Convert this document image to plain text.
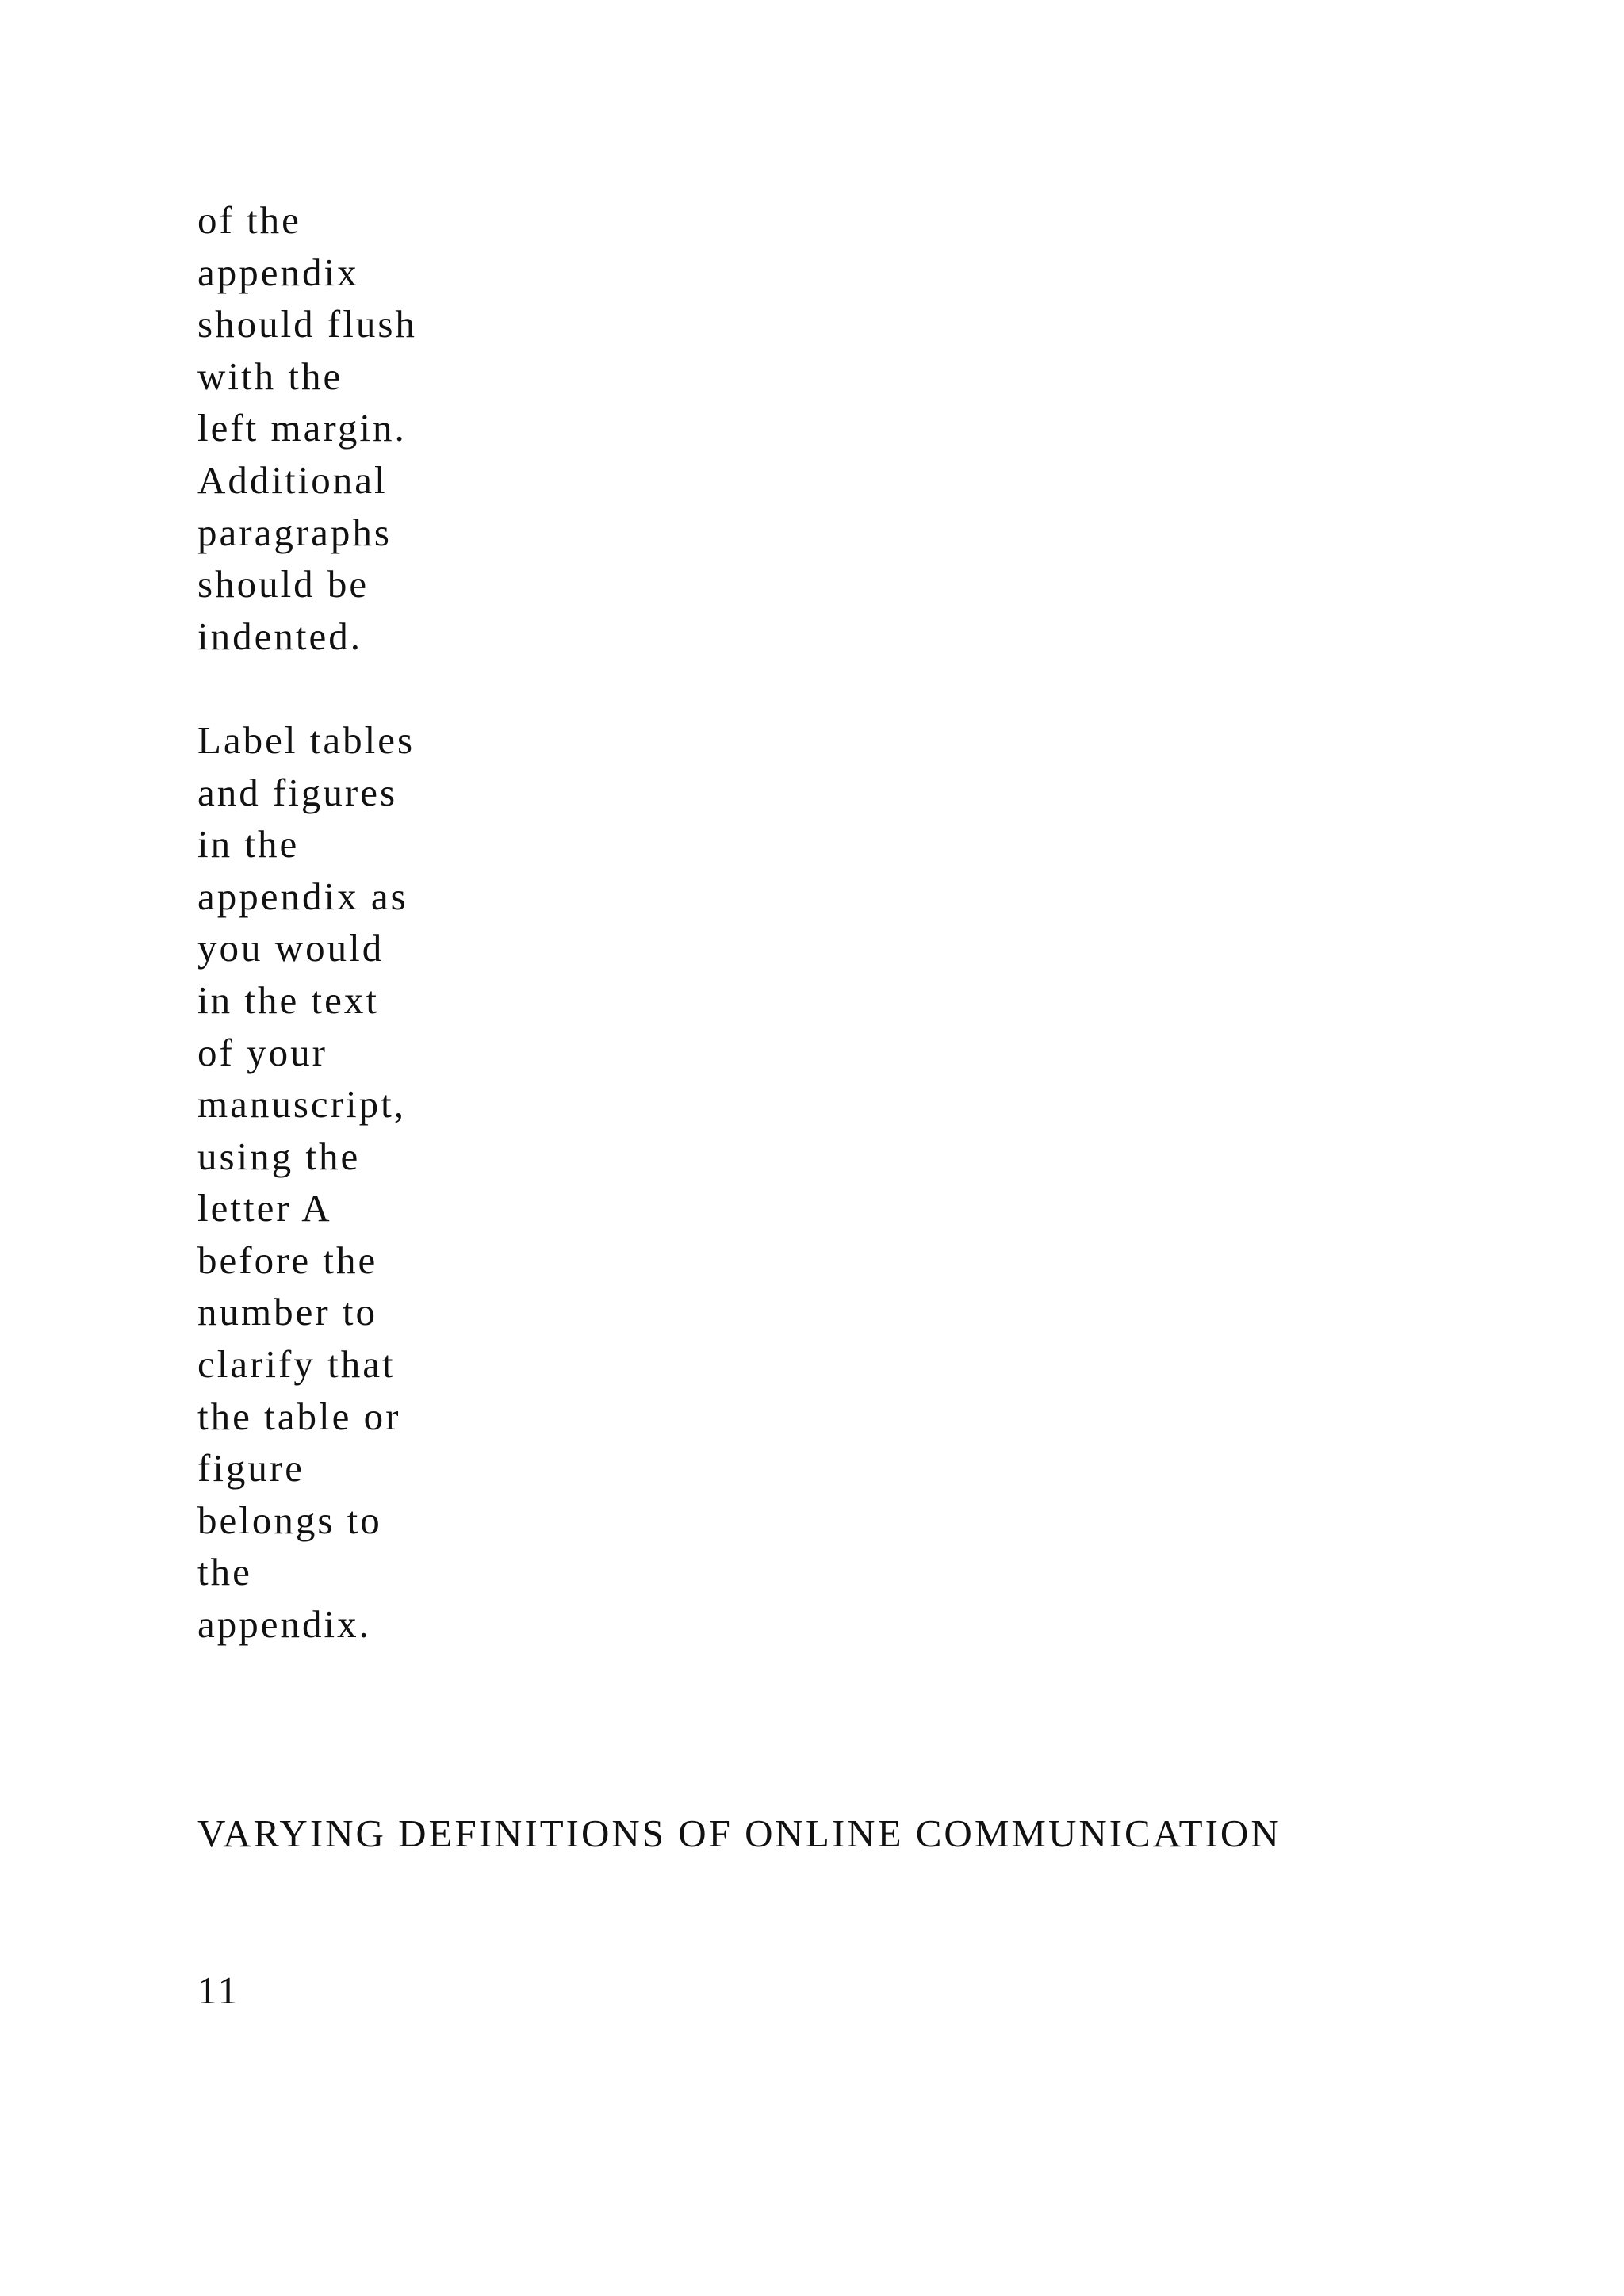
of the
appendix
should flush
with the
left margin.
Additional
paragraphs
should be
indented.
Label tables
and figures
in the
appendix as
you would
in the text
of your
manuscript,
using the
letter A
before the
number to
clarify that
the table or
figure
belongs to
the
appendix.
VARYING DEFINITIONS OF ONLINE COMMUNICATION
11
